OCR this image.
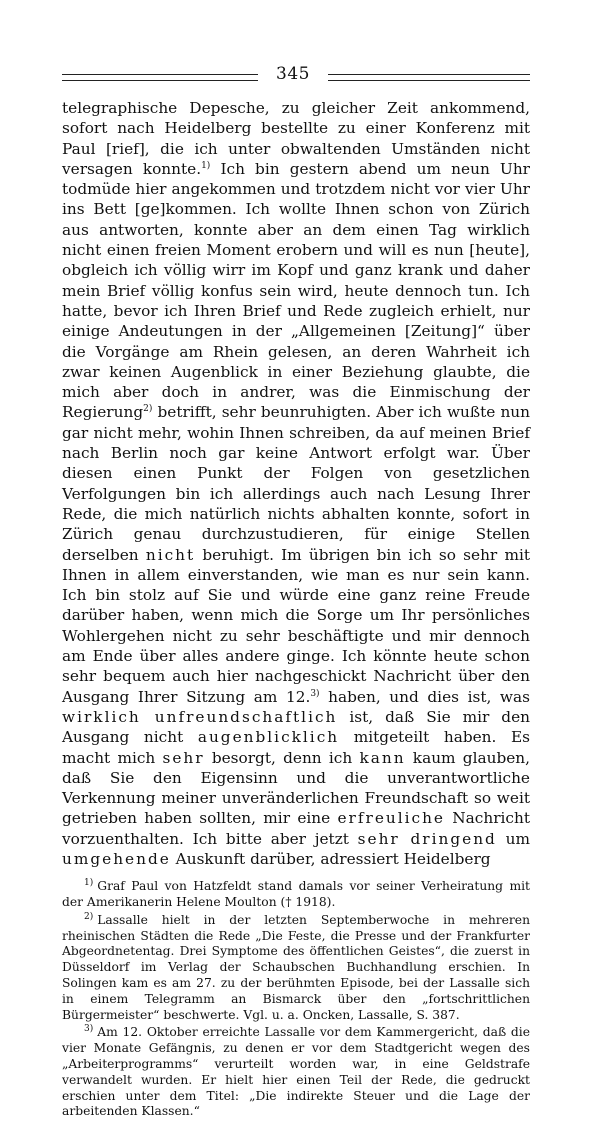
345
telegraphische Depesche, zu gleicher Zeit ankommend, sofort nach Heidelberg bestellte zu einer Konferenz mit Paul [rief], die ich unter obwaltenden Umständen nicht versagen konnte.$^{1)}$ Ich bin gestern abend um neun Uhr todmüde hier angekommen und trotzdem nicht vor vier Uhr ins Bett [ge]kommen. Ich wollte Ihnen schon von Zürich aus antworten, konnte aber an dem einen Tag wirklich nicht einen freien Moment erobern und will es nun [heute], obgleich ich völlig wirr im Kopf und ganz krank und daher mein Brief völlig konfus sein wird, heute dennoch tun. Ich hatte, bevor ich Ihren Brief und Rede zugleich erhielt, nur einige Andeutungen in der „Allgemeinen [Zeitung]“ über die Vorgänge am Rhein gelesen, an deren Wahrheit ich zwar keinen Augenblick in einer Beziehung glaubte, die mich aber doch in andrer, was die Einmischung der Regierung$^{2)}$ betrifft, sehr beunruhigten. Aber ich wußte nun gar nicht mehr, wohin Ihnen schreiben, da auf meinen Brief nach Berlin noch gar keine Antwort erfolgt war. Über diesen einen Punkt der Folgen von gesetzlichen Verfolgungen bin ich allerdings auch nach Lesung Ihrer Rede, die mich natürlich nichts abhalten konnte, sofort in Zürich genau durchzustudieren, für einige Stellen derselben nicht beruhigt. Im übrigen bin ich so sehr mit Ihnen in allem einverstanden, wie man es nur sein kann. Ich bin stolz auf Sie und würde eine ganz reine Freude darüber haben, wenn mich die Sorge um Ihr persönliches Wohlergehen nicht zu sehr beschäftigte und mir dennoch am Ende über alles andere ginge. Ich könnte heute schon sehr bequem auch hier nachgeschickt Nachricht über den Ausgang Ihrer Sitzung am 12.$^{3)}$ haben, und dies ist, was wirklich unfreundschaftlich ist, daß Sie mir den Ausgang nicht augenblicklich mitgeteilt haben. Es macht mich sehr besorgt, denn ich kann kaum glauben, daß Sie den Eigensinn und die unverantwortliche Verkennung meiner unveränderlichen Freundschaft so weit getrieben haben sollten, mir eine erfreuliche Nachricht vorzuenthalten. Ich bitte aber jetzt sehr dringend um umgehende Auskunft darüber, adressiert Heidelberg

$^{1)}$ Graf Paul von Hatzfeldt stand damals vor seiner Verheiratung mit der Amerikanerin Helene Moulton († 1918).

$^{2)}$ Lassalle hielt in der letzten Septemberwoche in mehreren rheinischen Städten die Rede „Die Feste, die Presse und der Frankfurter Abgeordnetentag. Drei Symptome des öffentlichen Geistes“, die zuerst in Düsseldorf im Verlag der Schaubschen Buchhandlung erschien. In Solingen kam es am 27. zu der berühmten Episode, bei der Lassalle sich in einem Telegramm an Bismarck über den „fortschrittlichen Bürgermeister“ beschwerte. Vgl. u. a. Oncken, Lassalle, S. 387.

$^{3)}$ Am 12. Oktober erreichte Lassalle vor dem Kammergericht, daß die vier Monate Gefängnis, zu denen er vor dem Stadtgericht wegen des „Arbeiterprogramms“ verurteilt worden war, in eine Geldstrafe verwandelt wurden. Er hielt hier einen Teil der Rede, die gedruckt erschien unter dem Titel: „Die indirekte Steuer und die Lage der arbeitenden Klassen.“
